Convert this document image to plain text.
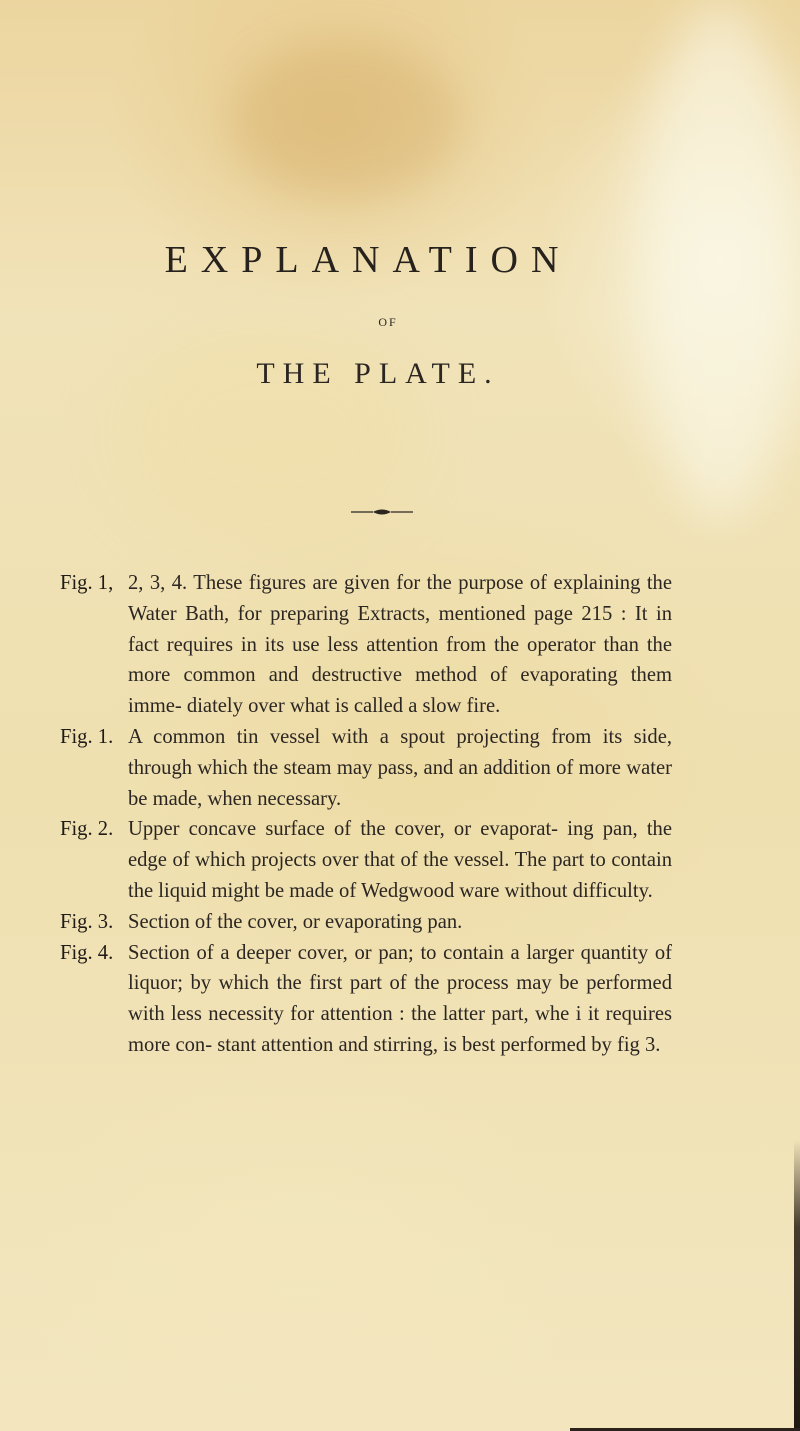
EXPLANATION
OF
THE PLATE.
Fig. 1, 2, 3, 4. These figures are given for the purpose of explaining the Water Bath, for preparing Extracts, mentioned page 215 : It in fact requires in its use less attention from the operator than the more common and destructive method of evaporating them imme- diately over what is called a slow fire.
Fig. 1. A common tin vessel with a spout projecting from its side, through which the steam may pass, and an addition of more water be made, when necessary.
Fig. 2. Upper concave surface of the cover, or evaporat- ing pan, the edge of which projects over that of the vessel. The part to contain the liquid might be made of Wedgwood ware without difficulty.
Fig. 3. Section of the cover, or evaporating pan.
Fig. 4. Section of a deeper cover, or pan; to contain a larger quantity of liquor; by which the first part of the process may be performed with less necessity for attention : the latter part, whe i it requires more con- stant attention and stirring, is best performed by fig 3.
